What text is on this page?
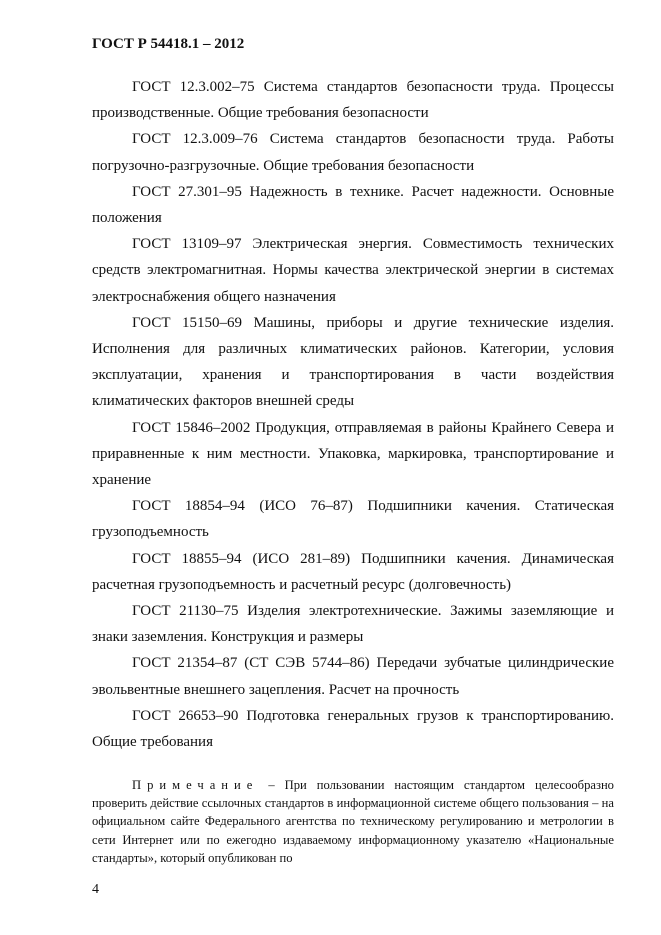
ГОСТ Р 54418.1 – 2012

ГОСТ 12.3.002–75 Система стандартов безопасности труда. Процессы производственные. Общие требования безопасности

ГОСТ 12.3.009–76 Система стандартов безопасности труда. Работы погрузочно-разгрузочные. Общие требования безопасности

ГОСТ 27.301–95 Надежность в технике. Расчет надежности. Основные положения

ГОСТ 13109–97 Электрическая энергия. Совместимость технических средств электромагнитная. Нормы качества электрической энергии в системах электроснабжения общего назначения

ГОСТ 15150–69 Машины, приборы и другие технические изделия. Исполнения для различных климатических районов. Категории, условия эксплуатации, хранения и транспортирования в части воздействия климатических факторов внешней среды

ГОСТ 15846–2002 Продукция, отправляемая в районы Крайнего Севера и приравненные к ним местности. Упаковка, маркировка, транспортирование и хранение

ГОСТ 18854–94 (ИСО 76–87) Подшипники качения. Статическая грузоподъемность

ГОСТ 18855–94 (ИСО 281–89) Подшипники качения. Динамическая расчетная грузоподъемность и расчетный ресурс (долговечность)

ГОСТ 21130–75 Изделия электротехнические. Зажимы заземляющие и знаки заземления. Конструкция и размеры

ГОСТ 21354–87 (СТ СЭВ 5744–86) Передачи зубчатые цилиндрические эвольвентные внешнего зацепления. Расчет на прочность

ГОСТ 26653–90 Подготовка генеральных грузов к транспортированию. Общие требования

Примечание – При пользовании настоящим стандартом целесообразно проверить действие ссылочных стандартов в информационной системе общего пользования – на официальном сайте Федерального агентства по техническому регулированию и метрологии в сети Интернет или по ежегодно издаваемому информационному указателю «Национальные стандарты», который опубликован по
4
